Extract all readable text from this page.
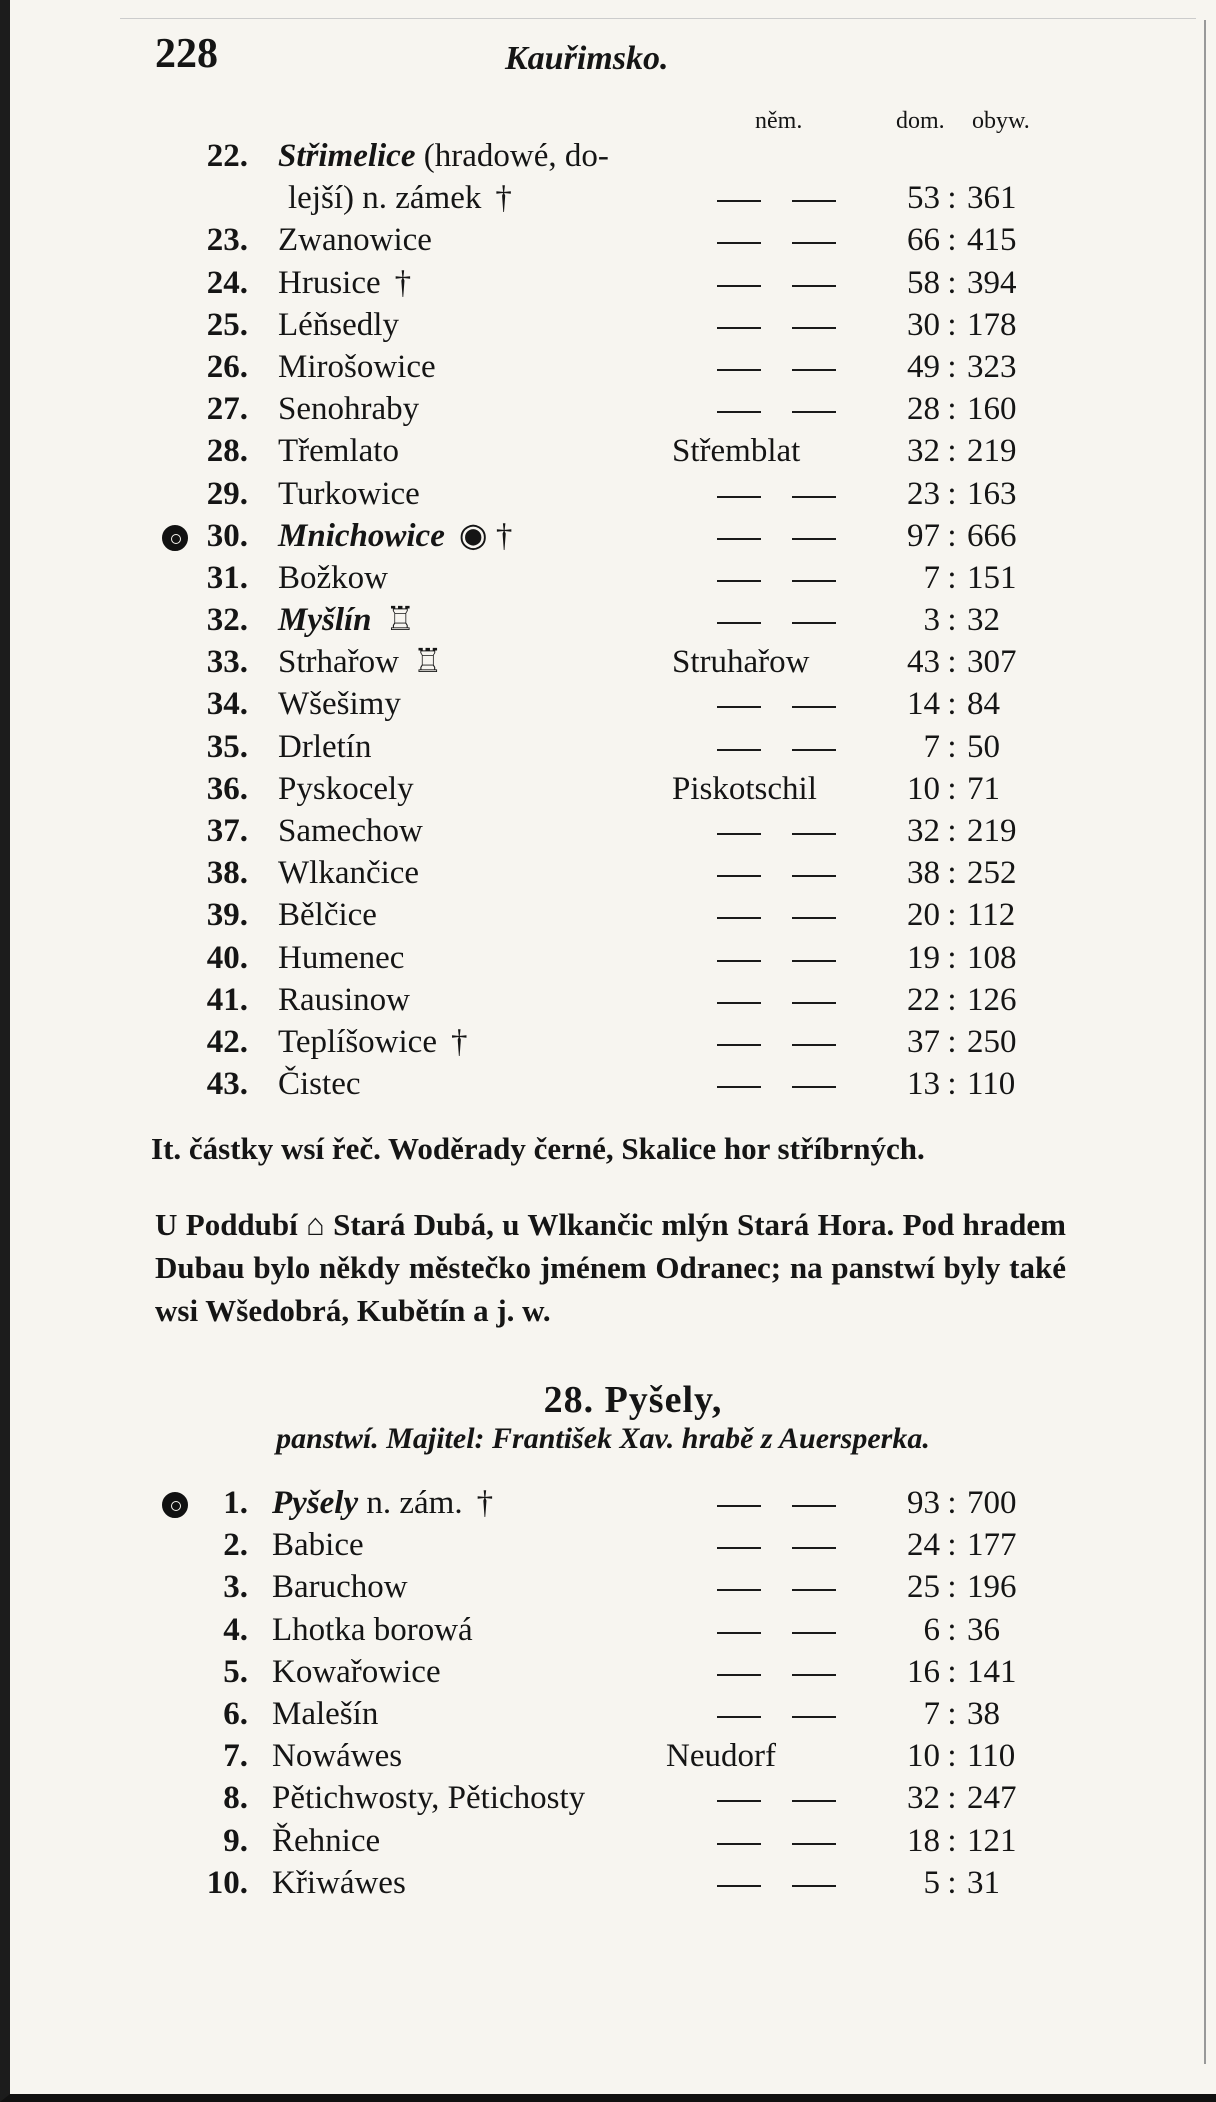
228	Kauřimsko.
něm.	dom. obyw.
22. Střimelice (hradowé, do-
lejší) n. zámek †	53 : 361
23. Zwanowice	66 : 415
24. Hrusice †	58 : 394
25. Léňsedly	30 : 178
26. Mirošowice	49 : 323
27. Senohraby	28 : 160
28. Třemlato	Střemblat	32 : 219
29. Turkowice	23 : 163
30. Mnichowice ◉ †	97 : 666
31. Božkow	7 : 151
32. Myšlín ♖	3 : 32
33. Strhařow ♖	Struhařow	43 : 307
34. Wšešimy	14 : 84
35. Drletín	7 : 50
36. Pyskocely	Piskotschil	10 : 71
37. Samechow	32 : 219
38. Wlkančice	38 : 252
39. Bělčice	20 : 112
40. Humenec	19 : 108
41. Rausinow	22 : 126
42. Teplíšowice †	37 : 250
43. Čistec	13 : 110
It. částky wsí řeč. Woděrady černé, Skalice hor stříbrných.
U Poddubí ⌂ Stará Dubá, u Wlkančic mlýn Stará Hora. Pod hradem Dubau bylo někdy městečko jménem Odranec; na panstwí byly také wsi Wšedobrá, Kubětín a j. w.
28. Pyšely,
panstwí. Majitel: František Xav. hrabě z Auersperka.
1. Pyšely n. zám. †	93 : 700
2. Babice	24 : 177
3. Baruchow	25 : 196
4. Lhotka borowá	6 : 36
5. Kowařowice	16 : 141
6. Malešín	7 : 38
7. Nowáwes	Neudorf	10 : 110
8. Pětichwosty, Pětichosty	32 : 247
9. Řehnice	18 : 121
10. Křiwáwes	5 : 31
